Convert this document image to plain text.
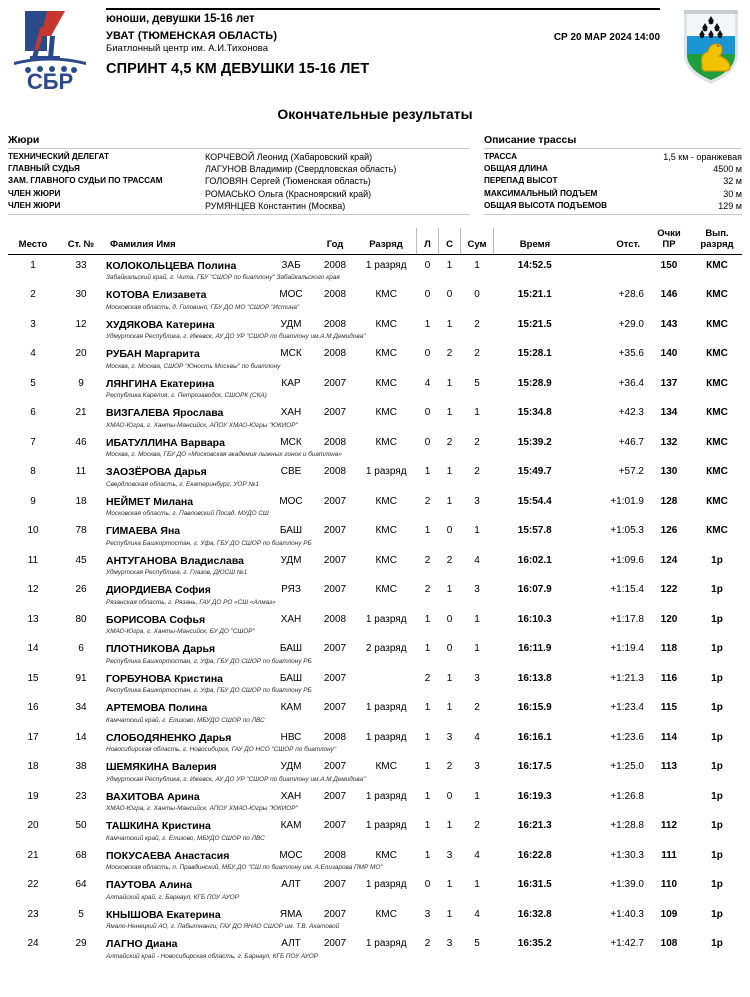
СБР
юноши, девушки 15-16 лет
УВАТ (ТЮМЕНСКАЯ ОБЛАСТЬ)
Биатлонный центр им. А.И.Тихонова
СР 20 МАР 2024 14:00
СПРИНТ 4,5 КМ ДЕВУШКИ 15-16 ЛЕТ
Окончательные результаты
Жюри
ТЕХНИЧЕСКИЙ ДЕЛЕГАТ	КОРЧЕВОЙ Леонид (Хабаровский край)
ГЛАВНЫЙ СУДЬЯ	ЛАГУНОВ Владимир (Свердловская область)
ЗАМ. ГЛАВНОГО СУДЬИ ПО ТРАССАМ	ГОЛОВЯН Сергей (Тюменская область)
ЧЛЕН ЖЮРИ	РОМАСЬКО Ольга (Красноярский край)
ЧЛЕН ЖЮРИ	РУМЯНЦЕВ Константин (Москва)
Описание трассы
ТРАССА	1,5 км - оранжевая
ОБЩАЯ ДЛИНА	4500 м
ПЕРЕПАД ВЫСОТ	32 м
МАКСИМАЛЬНЫЙ ПОДЪЕМ	30 м
ОБЩАЯ ВЫСОТА ПОДЪЕМОВ	129 м
Место	Ст. №	Фамилия Имя		Год	Разряд	Л	С	Сум	Время	Отст.	
Очки
ПР

Вып.
разряд

1	33	КОЛОКОЛЬЦЕВА Полина
Забайкальский край, г. Чита, ГБУ "СШОР по биатлону" Забайкальского края	ЗАБ	2008	1 разряд	0	1	1	14:52.5		150	КМС
2	30	КОТОВА Елизавета
Московская область, д. Головино, ГБУ ДО МО "СШОР "Истина"	МОС	2008	КМС	0	0	0	15:21.1	+28.6	146	КМС
3	12	ХУДЯКОВА Катерина
Удмуртская Республика, г. Ижевск, АУ ДО УР "СШОР по биатлону им.А.М.Демидова"	УДМ	2008	КМС	1	1	2	15:21.5	+29.0	143	КМС
4	20	РУБАН Маргарита
Москва, г. Москва, СШОР "Юность Москвы" по биатлону	МСК	2008	КМС	0	2	2	15:28.1	+35.6	140	КМС
5	9	ЛЯНГИНА Екатерина
Республика Карелия, г. Петрозаводск, СШОРК (СКА)	КАР	2007	КМС	4	1	5	15:28.9	+36.4	137	КМС
6	21	ВИЗГАЛЕВА Ярослава
ХМАО-Югра, г. Ханты-Мансийск, АПОУ ХМАО-Югры "ЮКИОР"	ХАН	2007	КМС	0	1	1	15:34.8	+42.3	134	КМС
7	46	ИБАТУЛЛИНА Варвара
Москва, г. Москва, ГБУ ДО «Московская академия лыжных гонок и биатлона»	МСК	2008	КМС	0	2	2	15:39.2	+46.7	132	КМС
8	11	ЗАОЗЁРОВА Дарья
Свердловская область, г. Екатеринбург, УОР №1	СВЕ	2008	1 разряд	1	1	2	15:49.7	+57.2	130	КМС
9	18	НЕЙМЕТ Милана
Московская область, г. Павловский Посад, МУДО СШ	МОС	2007	КМС	2	1	3	15:54.4	+1:01.9	128	КМС
10	78	ГИМАЕВА Яна
Республика Башкортостан, г. Уфа, ГБУ ДО СШОР по биатлону РБ	БАШ	2007	КМС	1	0	1	15:57.8	+1:05.3	126	КМС
11	45	АНТУГАНОВА Владислава
Удмуртская Республика, г. Глазов, ДЮСШ №1	УДМ	2007	КМС	2	2	4	16:02.1	+1:09.6	124	1р
12	26	ДИОРДИЕВА София
Рязанская область, г. Рязань, ГАУ ДО РО «СШ «Алмаз»	РЯЗ	2007	КМС	2	1	3	16:07.9	+1:15.4	122	1р
13	80	БОРИСОВА Софья
ХМАО-Югра, г. Ханты-Мансийск, БУ ДО "СШОР"	ХАН	2008	1 разряд	1	0	1	16:10.3	+1:17.8	120	1р
14	6	ПЛОТНИКОВА Дарья
Республика Башкортостан, г. Уфа, ГБУ ДО СШОР по биатлону РБ	БАШ	2007	2 разряд	1	0	1	16:11.9	+1:19.4	118	1р
15	91	ГОРБУНОВА Кристина
Республика Башкортостан, г. Уфа, ГБУ ДО СШОР по биатлону РБ	БАШ	2007		2	1	3	16:13.8	+1:21.3	116	1р
16	34	АРТЕМОВА Полина
Камчатский край, г. Елизово, МБУДО СШОР по ЛВС	КАМ	2007	1 разряд	1	1	2	16:15.9	+1:23.4	115	1р
17	14	СЛОБОДЯНЕНКО Дарья
Новосибирская область, г. Новосибирск, ГАУ ДО НСО "СШОР по биатлону"	НВС	2008	1 разряд	1	3	4	16:16.1	+1:23.6	114	1р
18	38	ШЕМЯКИНА Валерия
Удмуртская Республика, г. Ижевск, АУ ДО УР "СШОР по биатлону им.А.М.Демидова"	УДМ	2007	КМС	1	2	3	16:17.5	+1:25.0	113	1р
19	23	ВАХИТОВА Арина
ХМАО-Югра, г. Ханты-Мансийск, АПОУ ХМАО-Югры "ЮКИОР"	ХАН	2007	1 разряд	1	0	1	16:19.3	+1:26.8		1р
20	50	ТАШКИНА Кристина
Камчатский край, г. Елизово, МБУДО СШОР по ЛВС	КАМ	2007	1 разряд	1	1	2	16:21.3	+1:28.8	112	1р
21	68	ПОКУСАЕВА Анастасия
Московская область, п. Правдинский, МБУ ДО "СШ по биатлону им. А.Елизарова ПМР МО"	МОС	2008	КМС	1	3	4	16:22.8	+1:30.3	111	1р
22	64	ПАУТОВА Алина
Алтайский край, г. Барнаул, КГБ ПОУ АУОР	АЛТ	2007	1 разряд	0	1	1	16:31.5	+1:39.0	110	1р
23	5	КНЫШОВА Екатерина
Ямало-Ненецкий АО, г. Лабытнанги, ГАУ ДО ЯНАО СШОР им. Т.В. Ахатовой	ЯМА	2007	КМС	3	1	4	16:32.8	+1:40.3	109	1р
24	29	ЛАГНО Диана
Алтайский край - Новосибирская область, г. Барнаул, КГБ ПОУ АУОР	АЛТ	2007	1 разряд	2	3	5	16:35.2	+1:42.7	108	1р
